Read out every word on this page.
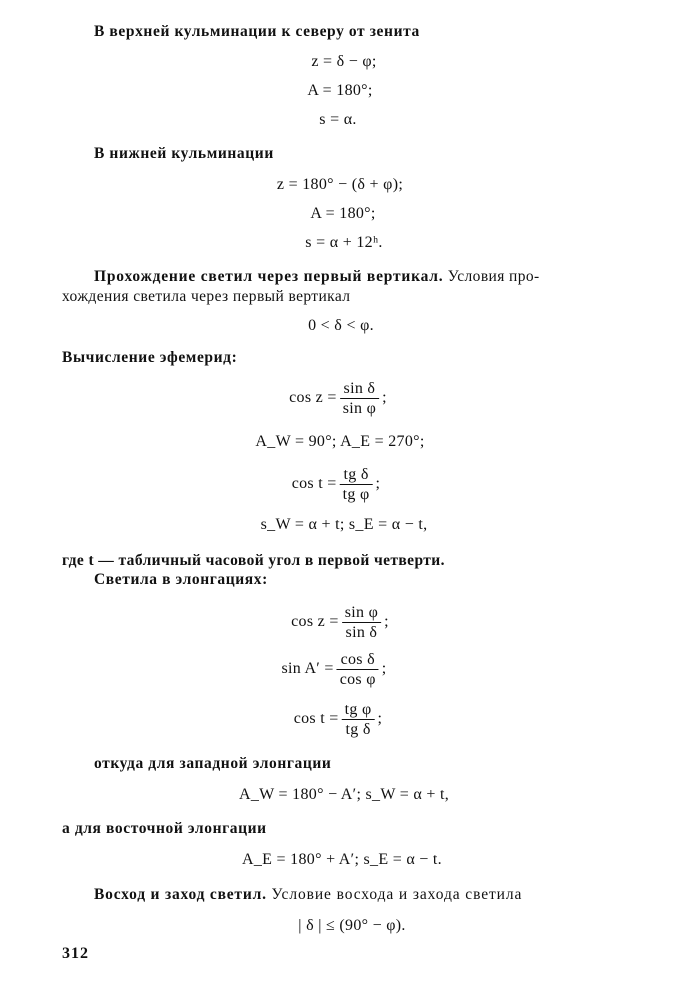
В верхней кульминации к северу от зенита
z = δ − φ;
A = 180°;
s = α.
В нижней кульминации
z = 180° − (δ + φ);
A = 180°;
s = α + 12ʰ.
Прохождение светил через первый вертикал. Условия про-
хождения светила через первый вертикал
0 < δ < φ.
Вычисление эфемерид:
$\cos z = \frac{\text{sin δ}}{\text{sin φ}}$ ;
A_W = 90°; A_E = 270°;
$\cos t = \frac{\text{tg δ}}{\text{tg φ}}$ ;
s_W = α + t; s_E = α − t,
где t — табличный часовой угол в первой четверти.
Светила в элонгациях:
$\cos z = \frac{\text{sin φ}}{\text{sin δ}}$ ;
$\sin A' = \frac{\text{cos δ}}{\text{cos φ}}$ ;
$\cos t = \frac{\text{tg φ}}{\text{tg δ}}$ ;
откуда для западной элонгации
A_W = 180° − A′; s_W = α + t,
а для восточной элонгации
A_E = 180° + A′; s_E = α − t.
Восход и заход светил. Условие восхода и захода светила
| δ | ≤ (90° − φ).
312
